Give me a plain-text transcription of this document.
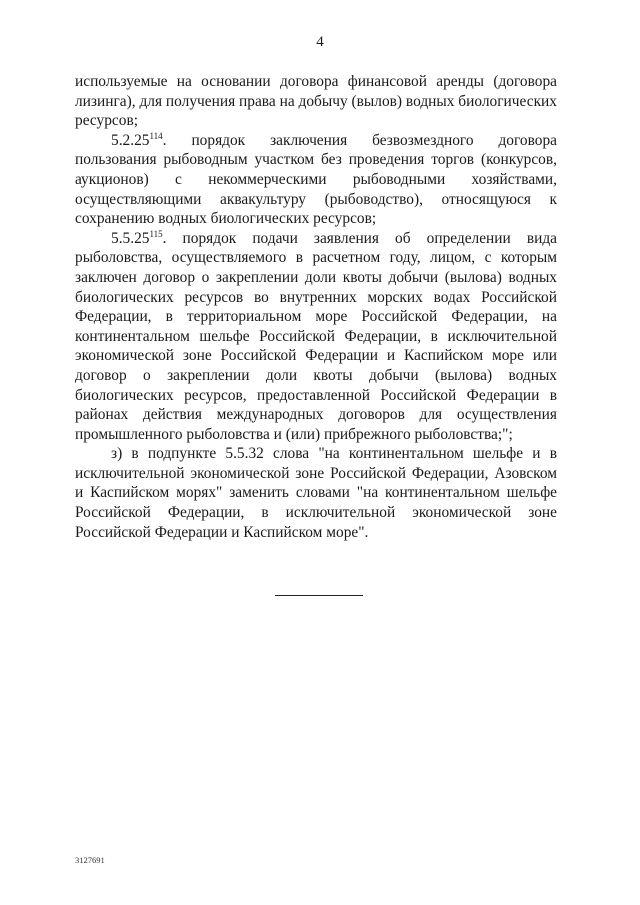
4

используемые на основании договора финансовой аренды (договора лизинга), для получения права на добычу (вылов) водных биологических ресурсов;

5.2.25$^{114}$. порядок заключения безвозмездного договора пользования рыбоводным участком без проведения торгов (конкурсов, аукционов) с некоммерческими рыбоводными хозяйствами, осуществляющими аквакультуру (рыбоводство), относящуюся к сохранению водных биологических ресурсов;

5.5.25$^{115}$. порядок подачи заявления об определении вида рыболовства, осуществляемого в расчетном году, лицом, с которым заключен договор о закреплении доли квоты добычи (вылова) водных биологических ресурсов во внутренних морских водах Российской Федерации, в территориальном море Российской Федерации, на континентальном шельфе Российской Федерации, в исключительной экономической зоне Российской Федерации и Каспийском море или договор о закреплении доли квоты добычи (вылова) водных биологических ресурсов, предоставленной Российской Федерации в районах действия международных договоров для осуществления промышленного рыболовства и (или) прибрежного рыболовства;";

з) в подпункте 5.5.32 слова "на континентальном шельфе и в исключительной экономической зоне Российской Федерации, Азовском и Каспийском морях" заменить словами "на континентальном шельфе Российской Федерации, в исключительной экономической зоне Российской Федерации и Каспийском море".

3127691
